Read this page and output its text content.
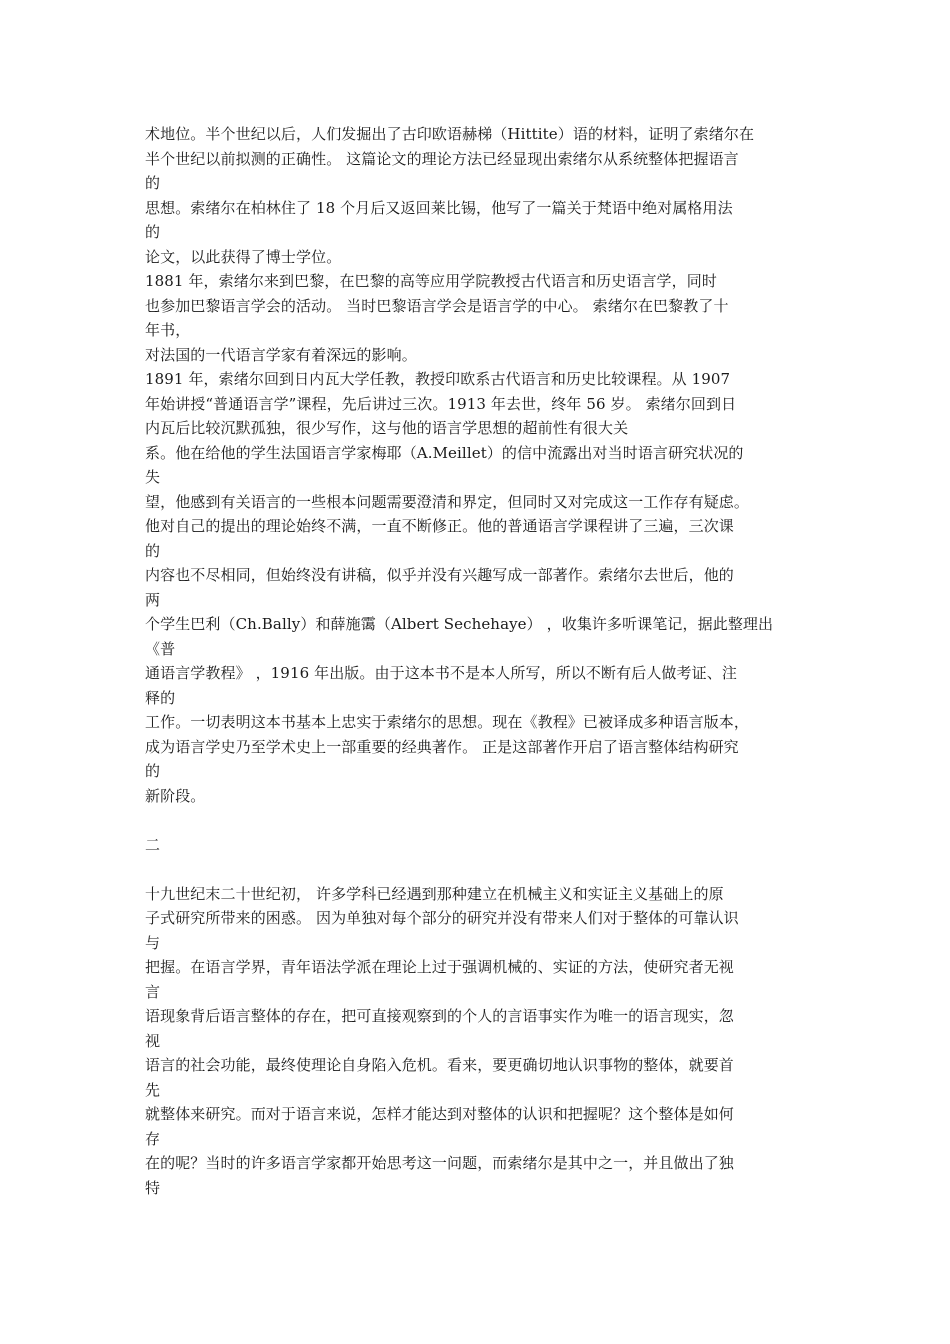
术地位。半个世纪以后，人们发掘出了古印欧语赫梯（Hittite）语的材料，证明了索绪尔在
半个世纪以前拟测的正确性。 这篇论文的理论方法已经显现出索绪尔从系统整体把握语言
的
思想。索绪尔在柏林住了 18 个月后又返回莱比锡，他写了一篇关于梵语中绝对属格用法
的
论文，以此获得了博士学位。
1881 年，索绪尔来到巴黎，在巴黎的高等应用学院教授古代语言和历史语言学，同时
也参加巴黎语言学会的活动。 当时巴黎语言学会是语言学的中心。 索绪尔在巴黎教了十
年书，
对法国的一代语言学家有着深远的影响。
1891 年，索绪尔回到日内瓦大学任教，教授印欧系古代语言和历史比较课程。从 1907
年始讲授“普通语言学”课程，先后讲过三次。1913 年去世，终年 56 岁。 索绪尔回到日
内瓦后比较沉默孤独，很少写作，这与他的语言学思想的超前性有很大关
系。他在给他的学生法国语言学家梅耶（A.Meillet）的信中流露出对当时语言研究状况的
失
望，他感到有关语言的一些根本问题需要澄清和界定，但同时又对完成这一工作存有疑虑。
他对自己的提出的理论始终不满，一直不断修正。他的普通语言学课程讲了三遍，三次课
的
内容也不尽相同，但始终没有讲稿，似乎并没有兴趣写成一部著作。索绪尔去世后，他的
两
个学生巴利（Ch.Bally）和薛施霭（Albert Sechehaye） ，收集许多听课笔记，据此整理出
《普
通语言学教程》 ，1916 年出版。由于这本书不是本人所写，所以不断有后人做考证、注
释的
工作。一切表明这本书基本上忠实于索绪尔的思想。现在《教程》已被译成多种语言版本，
成为语言学史乃至学术史上一部重要的经典著作。 正是这部著作开启了语言整体结构研究
的
新阶段。
二
十九世纪末二十世纪初， 许多学科已经遇到那种建立在机械主义和实证主义基础上的原
子式研究所带来的困惑。 因为单独对每个部分的研究并没有带来人们对于整体的可靠认识
与
把握。在语言学界，青年语法学派在理论上过于强调机械的、实证的方法，使研究者无视
言
语现象背后语言整体的存在，把可直接观察到的个人的言语事实作为唯一的语言现实，忽
视
语言的社会功能，最终使理论自身陷入危机。看来，要更确切地认识事物的整体，就要首
先
就整体来研究。而对于语言来说，怎样才能达到对整体的认识和把握呢？这个整体是如何
存
在的呢？当时的许多语言学家都开始思考这一问题，而索绪尔是其中之一，并且做出了独
特
